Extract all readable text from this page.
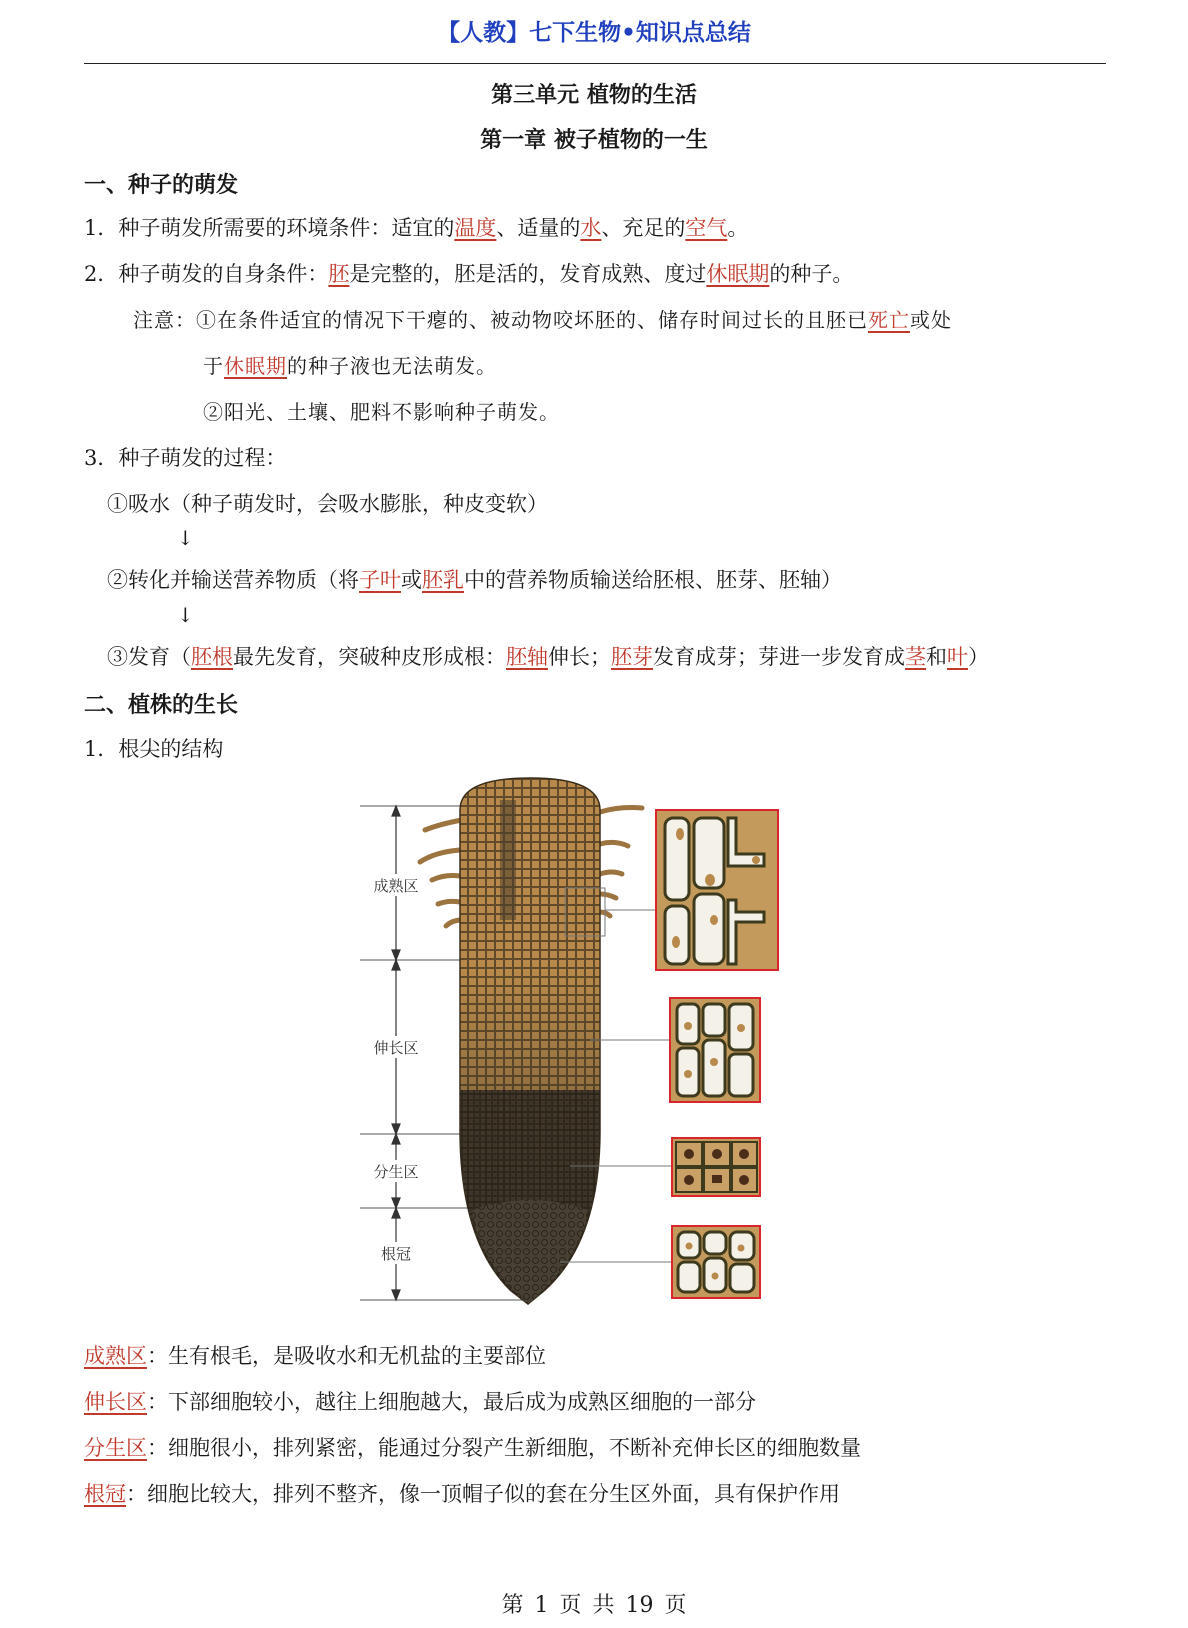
【人教】七下生物•知识点总结
第三单元 植物的生活
第一章 被子植物的一生
一、种子的萌发
1．种子萌发所需要的环境条件：适宜的温度、适量的水、充足的空气。
2．种子萌发的自身条件：胚是完整的，胚是活的，发育成熟、度过休眠期的种子。
注意：①在条件适宜的情况下干瘪的、被动物咬坏胚的、储存时间过长的且胚已死亡或处
于休眠期的种子液也无法萌发。
②阳光、土壤、肥料不影响种子萌发。
3．种子萌发的过程：
①吸水（种子萌发时，会吸水膨胀，种皮变软）
↓
②转化并输送营养物质（将子叶或胚乳中的营养物质输送给胚根、胚芽、胚轴）
↓
③发育（胚根最先发育，突破种皮形成根：胚轴伸长；胚芽发育成芽；芽进一步发育成茎和叶）
二、植株的生长
1．根尖的结构
成熟区
伸长区
分生区
根冠
成熟区：生有根毛，是吸收水和无机盐的主要部位
伸长区：下部细胞较小，越往上细胞越大，最后成为成熟区细胞的一部分
分生区：细胞很小，排列紧密，能通过分裂产生新细胞，不断补充伸长区的细胞数量
根冠：细胞比较大，排列不整齐，像一顶帽子似的套在分生区外面，具有保护作用
第 1 页 共 19 页
